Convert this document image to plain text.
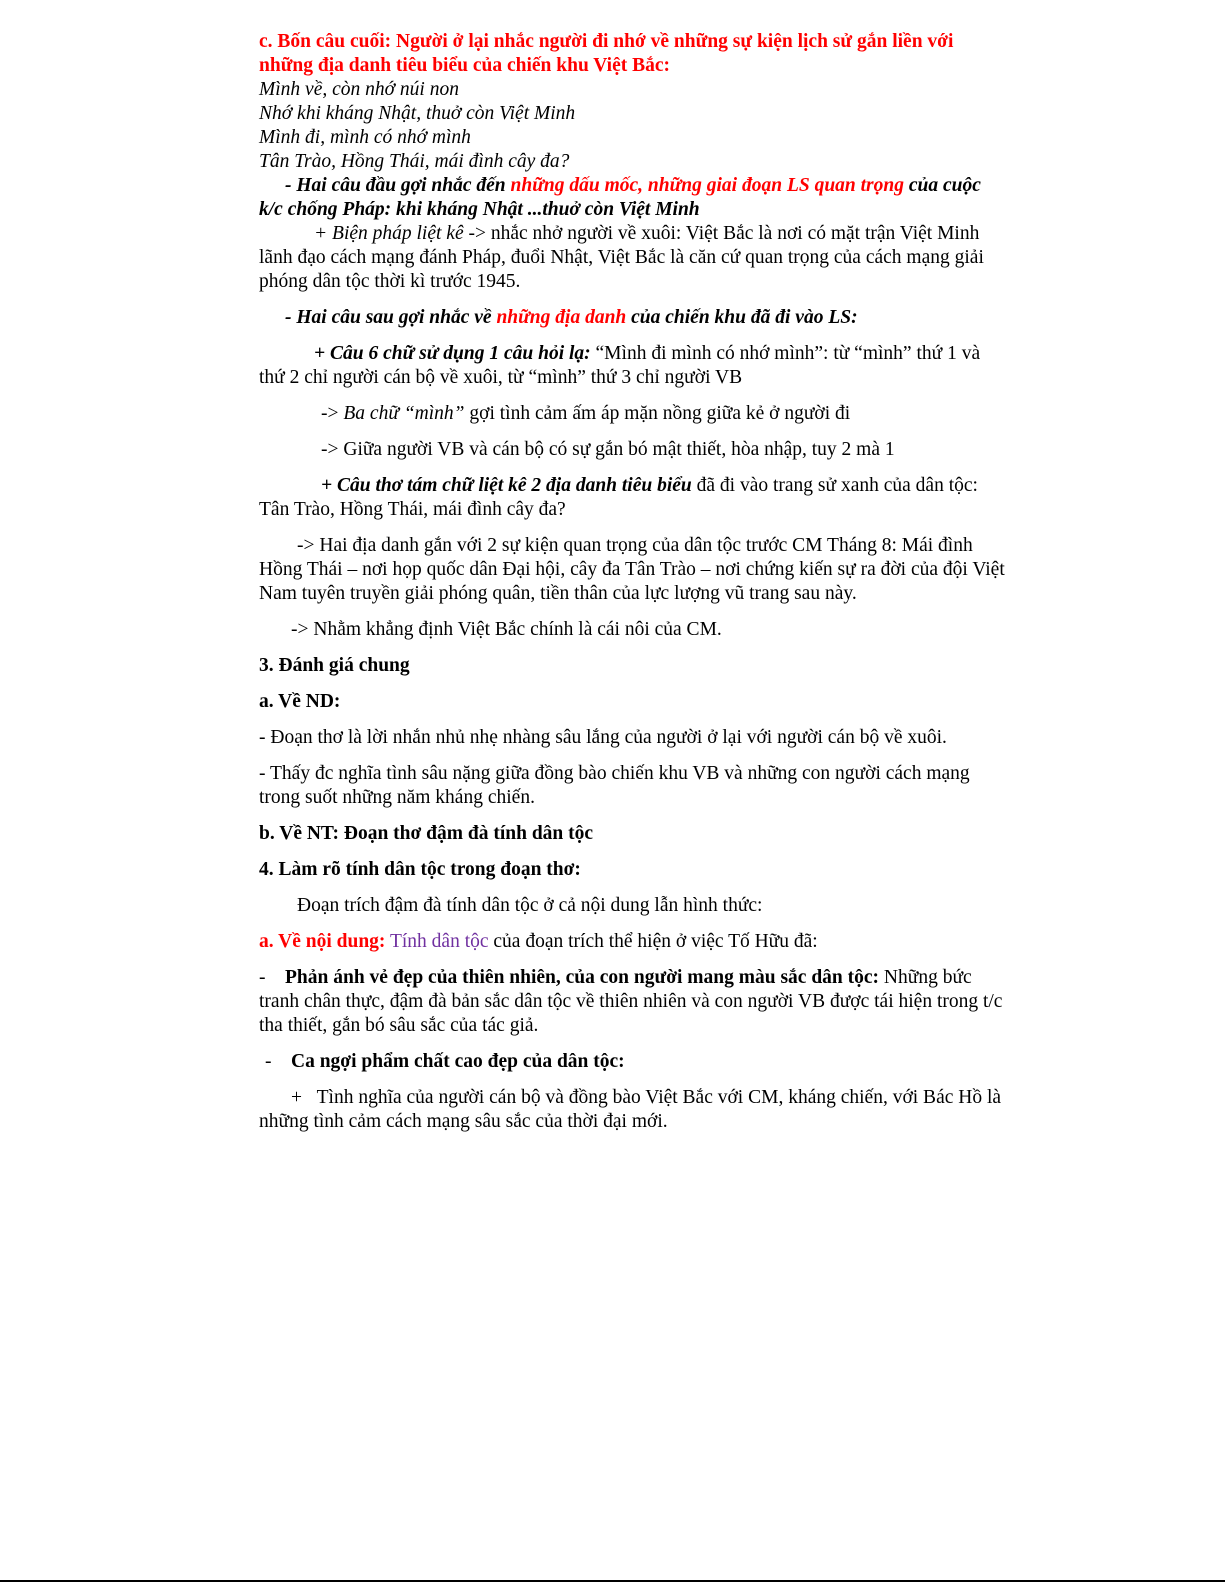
c. Bốn câu cuối: Người ở lại nhắc người đi nhớ về những sự kiện lịch sử gắn liền với những địa danh tiêu biểu của chiến khu Việt Bắc:

Mình về, còn nhớ núi non

Nhớ khi kháng Nhật, thuở còn Việt Minh

Mình đi, mình có nhớ mình

Tân Trào, Hồng Thái, mái đình cây đa?

- Hai câu đầu gợi nhắc đến những dấu mốc, những giai đoạn LS quan trọng của cuộc k/c chống Pháp: khi kháng Nhật ...thuở còn Việt Minh

+ Biện pháp liệt kê -> nhắc nhở người về xuôi: Việt Bắc là nơi có mặt trận Việt Minh lãnh đạo cách mạng đánh Pháp, đuổi Nhật, Việt Bắc là căn cứ quan trọng của cách mạng giải phóng dân tộc thời kì trước 1945.

- Hai câu sau gợi nhắc về những địa danh của chiến khu đã đi vào LS:

+ Câu 6 chữ sử dụng 1 câu hỏi lạ: “Mình đi mình có nhớ mình”: từ “mình” thứ 1 và thứ 2 chỉ người cán bộ về xuôi, từ “mình” thứ 3 chỉ người VB

-> Ba chữ “mình” gợi tình cảm ấm áp mặn nồng giữa kẻ ở người đi

-> Giữa người VB và cán bộ có sự gắn bó mật thiết, hòa nhập, tuy 2 mà 1

+ Câu thơ tám chữ liệt kê 2 địa danh tiêu biểu đã đi vào trang sử xanh của dân tộc: Tân Trào, Hồng Thái, mái đình cây đa?

-> Hai địa danh gắn với 2 sự kiện quan trọng của dân tộc trước CM Tháng 8: Mái đình Hồng Thái – nơi họp quốc dân Đại hội, cây đa Tân Trào – nơi chứng kiến sự ra đời của đội Việt Nam tuyên truyền giải phóng quân, tiền thân của lực lượng vũ trang sau này.

-> Nhằm khẳng định Việt Bắc chính là cái nôi của CM.

3. Đánh giá chung

a. Về ND:

- Đoạn thơ là lời nhắn nhủ nhẹ nhàng sâu lắng của người ở lại với người cán bộ về xuôi.

- Thấy đc nghĩa tình sâu nặng giữa đồng bào chiến khu VB và những con người cách mạng trong suốt những năm kháng chiến.

b. Về NT: Đoạn thơ đậm đà tính dân tộc

4. Làm rõ tính dân tộc trong đoạn thơ:

Đoạn trích đậm đà tính dân tộc ở cả nội dung lẫn hình thức:

a. Về nội dung: Tính dân tộc của đoạn trích thể hiện ở việc Tố Hữu đã:

- Phản ánh vẻ đẹp của thiên nhiên, của con người mang màu sắc dân tộc: Những bức tranh chân thực, đậm đà bản sắc dân tộc về thiên nhiên và con người VB được tái hiện trong t/c tha thiết, gắn bó sâu sắc của tác giả.

- Ca ngợi phẩm chất cao đẹp của dân tộc:

+ Tình nghĩa của người cán bộ và đồng bào Việt Bắc với CM, kháng chiến, với Bác Hồ là những tình cảm cách mạng sâu sắc của thời đại mới.
